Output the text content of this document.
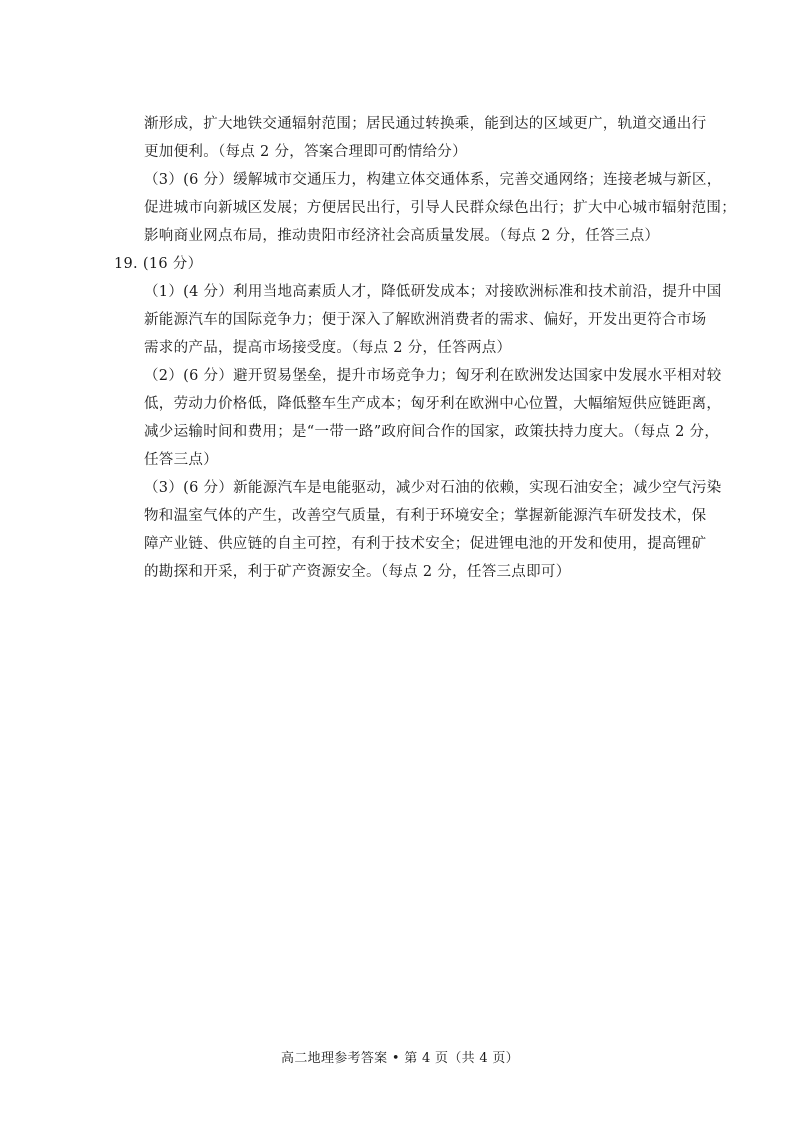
渐形成，扩大地铁交通辐射范围；居民通过转换乘，能到达的区域更广，轨道交通出行
更加便利。（每点 2 分，答案合理即可酌情给分）
（3）(6 分）缓解城市交通压力，构建立体交通体系，完善交通网络；连接老城与新区，
促进城市向新城区发展；方便居民出行，引导人民群众绿色出行；扩大中心城市辐射范围；
影响商业网点布局，推动贵阳市经济社会高质量发展。（每点 2 分，任答三点）
19. (16 分）
（1）(4 分）利用当地高素质人才，降低研发成本；对接欧洲标准和技术前沿，提升中国
新能源汽车的国际竞争力；便于深入了解欧洲消费者的需求、偏好，开发出更符合市场
需求的产品，提高市场接受度。（每点 2 分，任答两点）
（2）(6 分）避开贸易堡垒，提升市场竞争力；匈牙利在欧洲发达国家中发展水平相对较
低，劳动力价格低，降低整车生产成本；匈牙利在欧洲中心位置，大幅缩短供应链距离，
减少运输时间和费用；是“一带一路”政府间合作的国家，政策扶持力度大。（每点 2 分，
任答三点）
（3）(6 分）新能源汽车是电能驱动，减少对石油的依赖，实现石油安全；减少空气污染
物和温室气体的产生，改善空气质量，有利于环境安全；掌握新能源汽车研发技术，保
障产业链、供应链的自主可控，有利于技术安全；促进锂电池的开发和使用，提高锂矿
的勘探和开采，利于矿产资源安全。（每点 2 分，任答三点即可）
高二地理参考答案 • 第 4 页（共 4 页）
